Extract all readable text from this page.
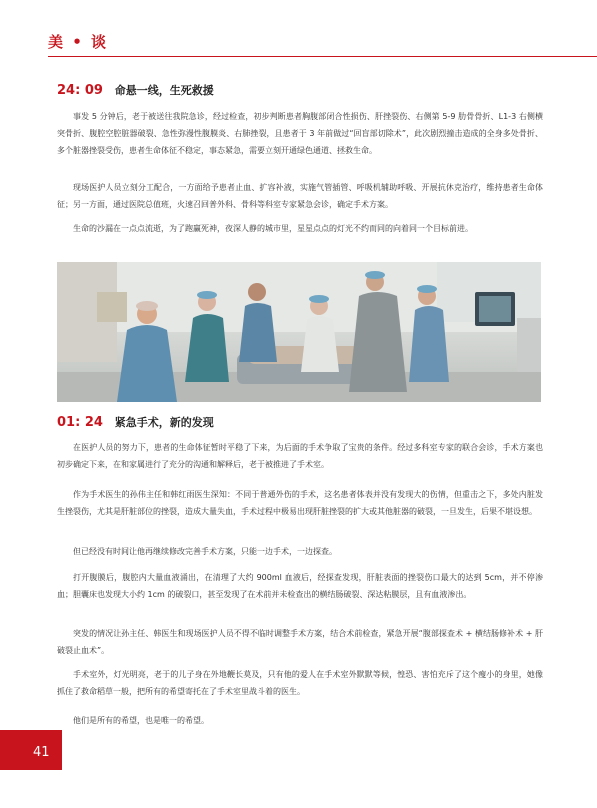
美 • 谈
24: 09 命悬一线，生死救援

事发 5 分钟后，老于被送往我院急诊，经过检查，初步判断患者胸腹部闭合性损伤、肝挫裂伤、右侧第 5-9 肋骨骨折、L1-3 右侧横突骨折、腹腔空腔脏器破裂、急性弥漫性腹膜炎、右肺挫裂，且患者于 3 年前做过“回盲部切除术”，此次剧烈撞击造成的全身多处骨折、多个脏器挫裂受伤，患者生命体征不稳定，事态紧急，需要立刻开通绿色通道、拯救生命。

现场医护人员立刻分工配合，一方面给予患者止血、扩容补液，实施气管插管、呼吸机辅助呼吸、开展抗休克治疗，维持患者生命体征；另一方面，通过医院总值班，火速召回普外科、骨科等科室专家紧急会诊，确定手术方案。

生命的沙漏在一点点流逝，为了跑赢死神，夜深人静的城市里，星星点点的灯光不约而同的向着同一个目标前进。

01: 24 紧急手术，新的发现

在医护人员的努力下，患者的生命体征暂时平稳了下来，为后面的手术争取了宝贵的条件。经过多科室专家的联合会诊，手术方案也初步确定下来，在和家属进行了充分的沟通和解释后，老于被推进了手术室。

作为手术医生的孙伟主任和韩红雨医生深知：不同于普通外伤的手术，这名患者体表并没有发现大的伤情，但重击之下，多处内脏发生挫裂伤，尤其是肝脏部位的挫裂，造成大量失血，手术过程中极易出现肝脏挫裂的扩大或其他脏器的破裂，一旦发生，后果不堪设想。

但已经没有时间让他再继续修改完善手术方案，只能一边手术，一边探查。

打开腹膜后，腹腔内大量血液涌出，在清理了大约 900ml 血液后，经探查发现，肝脏表面的挫裂伤口最大的达到 5cm，并不停渗血；胆囊床也发现大小约 1cm 的破裂口，甚至发现了在术前并未检查出的横结肠破裂、深达粘膜层，且有血液渗出。

突发的情况让孙主任、韩医生和现场医护人员不得不临时调整手术方案，结合术前检查，紧急开展“腹部探查术 + 横结肠修补术 + 肝破裂止血术”。

手术室外，灯光明亮，老于的儿子身在外地鞭长莫及，只有他的爱人在手术室外默默等候，惶恐、害怕充斥了这个瘦小的身里，她像抓住了救命稻草一般，把所有的希望寄托在了手术室里战斗着的医生。

他们是所有的希望，也是唯一的希望。

41
